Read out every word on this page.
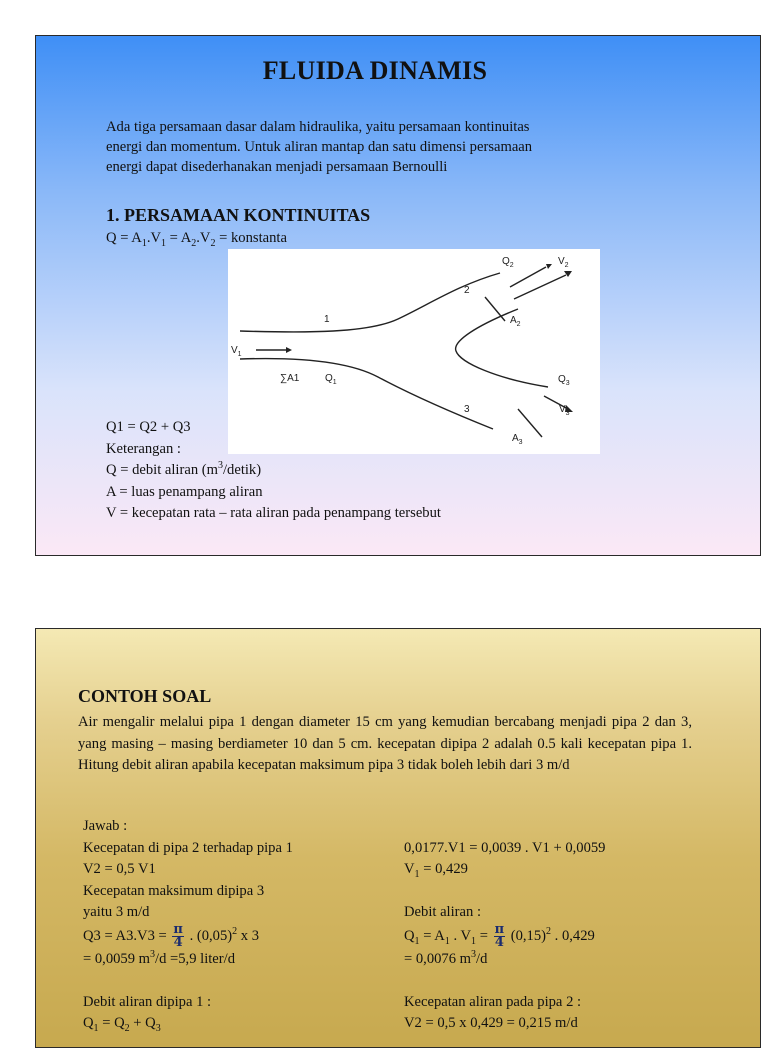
FLUIDA DINAMIS
Ada tiga persamaan dasar dalam hidraulika, yaitu persamaan kontinuitas
energi dan momentum. Untuk aliran mantap dan satu dimensi persamaan
energi dapat disederhanakan menjadi persamaan Bernoulli
1. PERSAMAAN KONTINUITAS
$Q = A_1.V_1 = A_2.V_2$ = konstanta
1
2
3
$V_1$
∑A1	$Q_1$
$Q_2$	$V_2$
$A_2$
$Q_3$
$V_3$
$A_3$
Q1 = Q2 + Q3
Keterangan :
Q = debit aliran $(m^3/detik)$
A = luas penampang aliran
V = kecepatan rata – rata aliran pada penampang tersebut
CONTOH SOAL

Air mengalir melalui pipa 1 dengan diameter 15 cm yang kemudian bercabang menjadi pipa 2 dan 3, yang masing – masing berdiameter 10 dan 5 cm. kecepatan dipipa 2 adalah 0.5 kali kecepatan pipa 1. Hitung debit aliran apabila kecepatan maksimum pipa 3 tidak boleh lebih dari 3 m/d

Jawab :
Kecepatan di pipa 2 terhadap pipa 1
V2 = 0,5 V1
Kecepatan maksimum dipipa 3
yaitu 3 m/d
$Q3 = A3.V3 = \frac{\pi}{4}$ . $(0,05)^2$ x 3
= 0,0059 $m^3/d =5,9$ liter/d
Debit aliran dipipa 1 :
$Q_1 = Q_2 + Q_3$
0,0177.V1 = 0,0039 . V1 + 0,0059
$V_1 = 0,429$
Debit aliran :
$Q_1 = A_1$ . $V_1 = \frac{\pi}{4} (0,15)^2$ . 0,429
= 0,0076 $m^3/d$
Kecepatan aliran pada pipa 2 :
V2 = 0,5 x 0,429 = 0,215 m/d
